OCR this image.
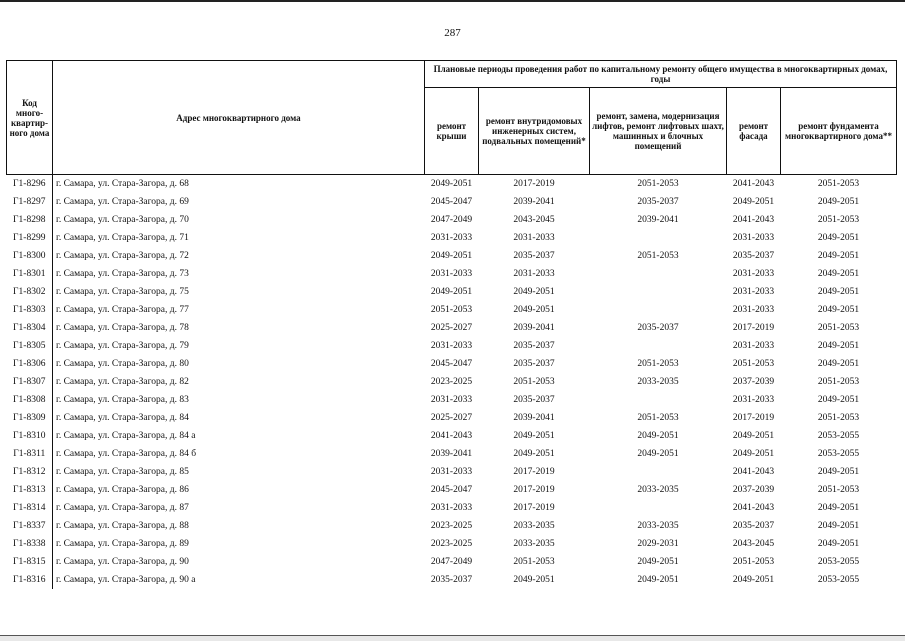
287
Код много-квартир-ного дома	Адрес многоквартирного дома	Плановые периоды проведения работ по капитальному ремонту общего имущества в многоквартирных домах, годы				
		ремонт крыши	ремонт внутридомовых инженерных систем, подвальных помещений*	ремонт, замена, модернизация лифтов, ремонт лифтовых шахт, машинных и блочных помещений	ремонт фасада	ремонт фундамента многоквартирного дома**
Г1-8296	г. Самара, ул. Стара-Загора, д. 68	2049-2051	2017-2019	2051-2053	2041-2043	2051-2053
Г1-8297	г. Самара, ул. Стара-Загора, д. 69	2045-2047	2039-2041	2035-2037	2049-2051	2049-2051
Г1-8298	г. Самара, ул. Стара-Загора, д. 70	2047-2049	2043-2045	2039-2041	2041-2043	2051-2053
Г1-8299	г. Самара, ул. Стара-Загора, д. 71	2031-2033	2031-2033		2031-2033	2049-2051
Г1-8300	г. Самара, ул. Стара-Загора, д. 72	2049-2051	2035-2037	2051-2053	2035-2037	2049-2051
Г1-8301	г. Самара, ул. Стара-Загора, д. 73	2031-2033	2031-2033		2031-2033	2049-2051
Г1-8302	г. Самара, ул. Стара-Загора, д. 75	2049-2051	2049-2051		2031-2033	2049-2051
Г1-8303	г. Самара, ул. Стара-Загора, д. 77	2051-2053	2049-2051		2031-2033	2049-2051
Г1-8304	г. Самара, ул. Стара-Загора, д. 78	2025-2027	2039-2041	2035-2037	2017-2019	2051-2053
Г1-8305	г. Самара, ул. Стара-Загора, д. 79	2031-2033	2035-2037		2031-2033	2049-2051
Г1-8306	г. Самара, ул. Стара-Загора, д. 80	2045-2047	2035-2037	2051-2053	2051-2053	2049-2051
Г1-8307	г. Самара, ул. Стара-Загора, д. 82	2023-2025	2051-2053	2033-2035	2037-2039	2051-2053
Г1-8308	г. Самара, ул. Стара-Загора, д. 83	2031-2033	2035-2037		2031-2033	2049-2051
Г1-8309	г. Самара, ул. Стара-Загора, д. 84	2025-2027	2039-2041	2051-2053	2017-2019	2051-2053
Г1-8310	г. Самара, ул. Стара-Загора, д. 84 а	2041-2043	2049-2051	2049-2051	2049-2051	2053-2055
Г1-8311	г. Самара, ул. Стара-Загора, д. 84 б	2039-2041	2049-2051	2049-2051	2049-2051	2053-2055
Г1-8312	г. Самара, ул. Стара-Загора, д. 85	2031-2033	2017-2019		2041-2043	2049-2051
Г1-8313	г. Самара, ул. Стара-Загора, д. 86	2045-2047	2017-2019	2033-2035	2037-2039	2051-2053
Г1-8314	г. Самара, ул. Стара-Загора, д. 87	2031-2033	2017-2019		2041-2043	2049-2051
Г1-8337	г. Самара, ул. Стара-Загора, д. 88	2023-2025	2033-2035	2033-2035	2035-2037	2049-2051
Г1-8338	г. Самара, ул. Стара-Загора, д. 89	2023-2025	2033-2035	2029-2031	2043-2045	2049-2051
Г1-8315	г. Самара, ул. Стара-Загора, д. 90	2047-2049	2051-2053	2049-2051	2051-2053	2053-2055
Г1-8316	г. Самара, ул. Стара-Загора, д. 90 а	2035-2037	2049-2051	2049-2051	2049-2051	2053-2055
